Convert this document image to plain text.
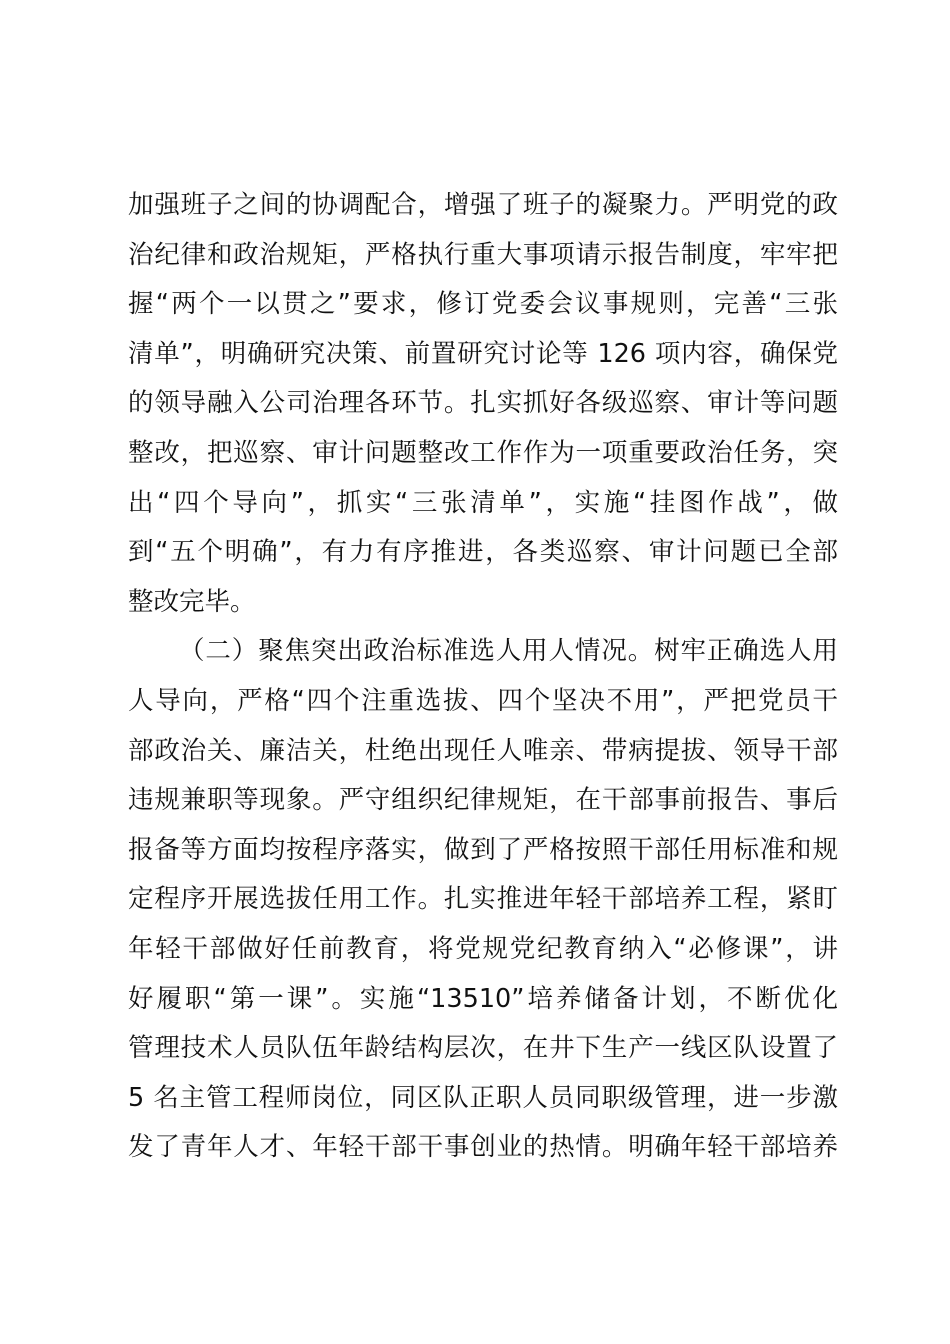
加强班子之间的协调配合，增强了班子的凝聚力。严明党的政
治纪律和政治规矩，严格执行重大事项请示报告制度，牢牢把
握“两个一以贯之”要求，修订党委会议事规则，完善“三张
清单”，明确研究决策、前置研究讨论等 126 项内容，确保党
的领导融入公司治理各环节。扎实抓好各级巡察、审计等问题
整改，把巡察、审计问题整改工作作为一项重要政治任务，突
出“四个导向”，抓实“三张清单”，实施“挂图作战”，做
到“五个明确”，有力有序推进，各类巡察、审计问题已全部
整改完毕。
（二）聚焦突出政治标准选人用人情况。树牢正确选人用
人导向，严格“四个注重选拔、四个坚决不用”，严把党员干
部政治关、廉洁关，杜绝出现任人唯亲、带病提拔、领导干部
违规兼职等现象。严守组织纪律规矩，在干部事前报告、事后
报备等方面均按程序落实，做到了严格按照干部任用标准和规
定程序开展选拔任用工作。扎实推进年轻干部培养工程，紧盯
年轻干部做好任前教育，将党规党纪教育纳入“必修课”，讲
好履职“第一课”。实施“13510”培养储备计划，不断优化
管理技术人员队伍年龄结构层次，在井下生产一线区队设置了
5 名主管工程师岗位，同区队正职人员同职级管理，进一步激
发了青年人才、年轻干部干事创业的热情。明确年轻干部培养
